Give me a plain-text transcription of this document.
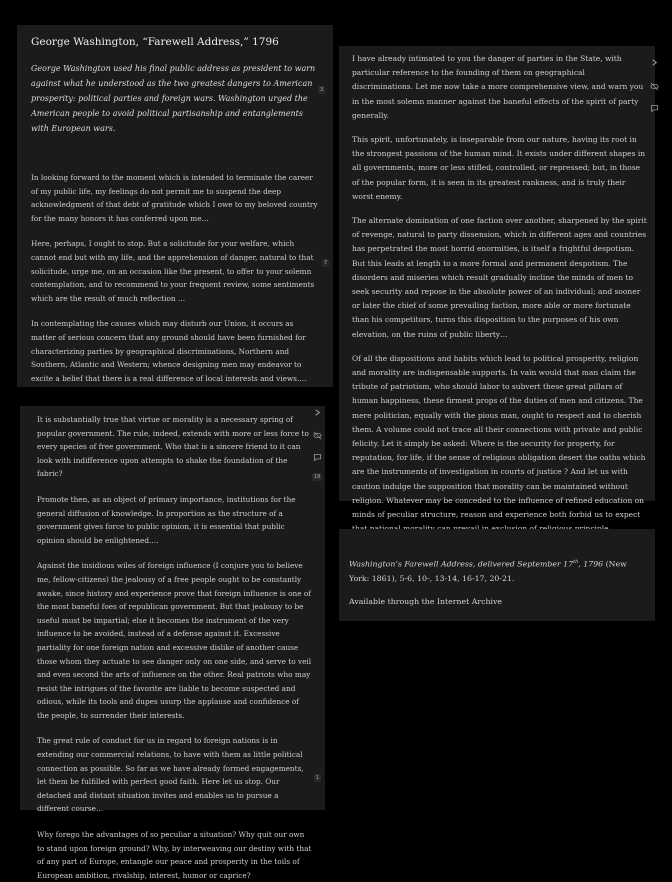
George Washington, “Farewell Address,” 1796
George Washington used his final public address as president to warn against what he understood as the two greatest dangers to American prosperity: political parties and foreign wars. Washington urged the American people to avoid political partisanship and entanglements with European wars.

In looking forward to the moment which is intended to terminate the career of my public life, my feelings do not permit me to suspend the deep acknowledgment of that debt of gratitude which I owe to my beloved country for the many honors it has conferred upon me…

Here, perhaps, I ought to stop. But a solicitude for your welfare, which cannot end but with my life, and the apprehension of danger, natural to that solicitude, urge me, on an occasion like the present, to offer to your solemn contemplation, and to recommend to your frequent review, some sentiments which are the result of much reflection …

In contemplating the causes which may disturb our Union, it occurs as matter of serious concern that any ground should have been furnished for characterizing parties by geographical discriminations, Northern and Southern, Atlantic and Western; whence designing men may endeavor to excite a belief that there is a real difference of local interests and views….

3
7

It is substantially true that virtue or morality is a necessary spring of popular government. The rule, indeed, extends with more or less force to every species of free government. Who that is a sincere friend to it can look with indifference upon attempts to shake the foundation of the fabric?

Promote then, as an object of primary importance, institutions for the general diffusion of knowledge. In proportion as the structure of a government gives force to public opinion, it is essential that public opinion should be enlightened….

Against the insidious wiles of foreign influence (I conjure you to believe me, fellow-citizens) the jealousy of a free people ought to be constantly awake, since history and experience prove that foreign influence is one of the most baneful foes of republican government. But that jealousy to be useful must be impartial; else it becomes the instrument of the very influence to be avoided, instead of a defense against it. Excessive partiality for one foreign nation and excessive dislike of another cause those whom they actuate to see danger only on one side, and serve to veil and even second the arts of influence on the other. Real patriots who may resist the intrigues of the favorite are liable to become suspected and odious, while its tools and dupes usurp the applause and confidence of the people, to surrender their interests.

The great rule of conduct for us in regard to foreign nations is in extending our commercial relations, to have with them as little political connection as possible. So far as we have already formed engagements, let them be fulfilled with perfect good faith. Here let us stop. Our detached and distant situation invites and enables us to pursue a different course…

Why forego the advantages of so peculiar a situation? Why quit our own to stand upon foreign ground? Why, by interweaving our destiny with that of any part of Europe, entangle our peace and prosperity in the toils of European ambition, rivalship, interest, humor or caprice?

18
1

I have already intimated to you the danger of parties in the State, with particular reference to the founding of them on geographical discriminations. Let me now take a more comprehensive view, and warn you in the most solemn manner against the baneful effects of the spirit of party generally.

This spirit, unfortunately, is inseparable from our nature, having its root in the strongest passions of the human mind. It exists under different shapes in all governments, more or less stifled, controlled, or repressed; but, in those of the popular form, it is seen in its greatest rankness, and is truly their worst enemy.

The alternate domination of one faction over another, sharpened by the spirit of revenge, natural to party dissension, which in different ages and countries has perpetrated the most horrid enormities, is itself a frightful despotism. But this leads at length to a more formal and permanent despotism. The disorders and miseries which result gradually incline the minds of men to seek security and repose in the absolute power of an individual; and sooner or later the chief of some prevailing faction, more able or more fortunate than his competitors, turns this disposition to the purposes of his own elevation, on the ruins of public liberty…

Of all the dispositions and habits which lead to political prosperity, religion and morality are indispensable supports. In vain would that man claim the tribute of patriotism, who should labor to subvert these great pillars of human happiness, these firmest props of the duties of men and citizens. The mere politician, equally with the pious man, ought to respect and to cherish them. A volume could not trace all their connections with private and public felicity. Let it simply be asked: Where is the security for property, for reputation, for life, if the sense of religious obligation desert the oaths which are the instruments of investigation in courts of justice ? And let us with caution indulge the supposition that morality can be maintained without religion. Whatever may be conceded to the influence of refined education on minds of peculiar structure, reason and experience both forbid us to expect

Washington’s Farewell Address, delivered September 17th, 1796 (New York: 1861), 5-6, 10-, 13-14, 16-17, 20-21.
Available through the Internet Archive
